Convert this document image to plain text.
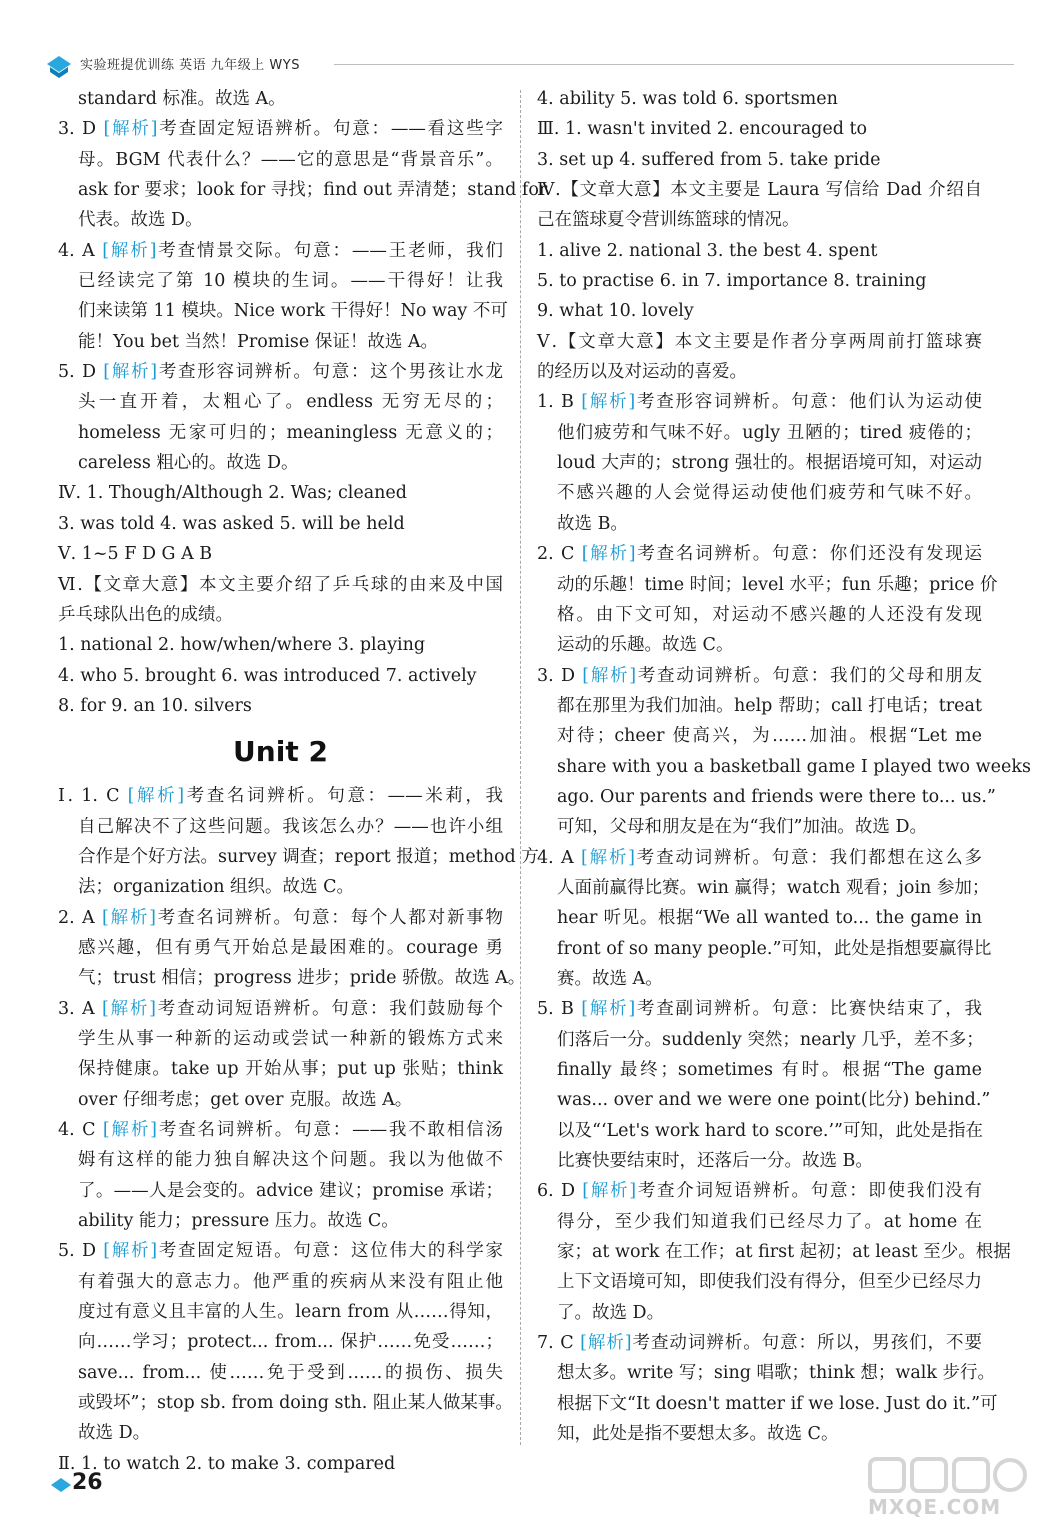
实验班提优训练 英语 九年级上 WYS
standard 标准。故选 A。
3. D [解析]考查固定短语辨析。句意：——看这些字
母。BGM 代表什么？——它的意思是“背景音乐”。
ask for 要求；look for 寻找；find out 弄清楚；stand for
代表。故选 D。
4. A [解析]考查情景交际。句意：——王老师，我们
已经读完了第 10 模块的生词。——干得好！让我
们来读第 11 模块。Nice work 干得好！No way 不可
能！You bet 当然！Promise 保证！故选 A。
5. D [解析]考查形容词辨析。句意：这个男孩让水龙
头一直开着，太粗心了。endless 无穷无尽的；
homeless 无家可归的；meaningless 无意义的；
careless 粗心的。故选 D。
Ⅳ. 1. Though/Although 2. Was; cleaned
3. was told 4. was asked 5. will be held
Ⅴ. 1~5 F D G A B
Ⅵ.【文章大意】本文主要介绍了乒乓球的由来及中国
乒乓球队出色的成绩。
1. national 2. how/when/where 3. playing
4. who 5. brought 6. was introduced 7. actively
8. for 9. an 10. silvers
Unit 2
Ⅰ. 1. C [解析]考查名词辨析。句意：——米莉，我
自己解决不了这些问题。我该怎么办？——也许小组
合作是个好方法。survey 调查；report 报道；method 方
法；organization 组织。故选 C。
2. A [解析]考查名词辨析。句意：每个人都对新事物
感兴趣，但有勇气开始总是最困难的。courage 勇
气；trust 相信；progress 进步；pride 骄傲。故选 A。
3. A [解析]考查动词短语辨析。句意：我们鼓励每个
学生从事一种新的运动或尝试一种新的锻炼方式来
保持健康。take up 开始从事；put up 张贴；think
over 仔细考虑；get over 克服。故选 A。
4. C [解析]考查名词辨析。句意：——我不敢相信汤
姆有这样的能力独自解决这个问题。我以为他做不
了。——人是会变的。advice 建议；promise 承诺；
ability 能力；pressure 压力。故选 C。
5. D [解析]考查固定短语。句意：这位伟大的科学家
有着强大的意志力。他严重的疾病从来没有阻止他
度过有意义且丰富的人生。learn from 从……得知，
向……学习；protect... from... 保护……免受……；
save... from... 使……免于受到……的损伤、损失
或毁坏”；stop sb. from doing sth. 阻止某人做某事。
故选 D。
Ⅱ. 1. to watch 2. to make 3. compared
4. ability 5. was told 6. sportsmen
Ⅲ. 1. wasn't invited 2. encouraged to
3. set up 4. suffered from 5. take pride
Ⅳ.【文章大意】本文主要是 Laura 写信给 Dad 介绍自
己在篮球夏令营训练篮球的情况。
1. alive 2. national 3. the best 4. spent
5. to practise 6. in 7. importance 8. training
9. what 10. lovely
Ⅴ.【文章大意】本文主要是作者分享两周前打篮球赛
的经历以及对运动的喜爱。
1. B [解析]考查形容词辨析。句意：他们认为运动使
他们疲劳和气味不好。ugly 丑陋的；tired 疲倦的；
loud 大声的；strong 强壮的。根据语境可知，对运动
不感兴趣的人会觉得运动使他们疲劳和气味不好。
故选 B。
2. C [解析]考查名词辨析。句意：你们还没有发现运
动的乐趣！time 时间；level 水平；fun 乐趣；price 价
格。由下文可知，对运动不感兴趣的人还没有发现
运动的乐趣。故选 C。
3. D [解析]考查动词辨析。句意：我们的父母和朋友
都在那里为我们加油。help 帮助；call 打电话；treat
对待；cheer 使高兴，为……加油。根据“Let me
share with you a basketball game I played two weeks
ago. Our parents and friends were there to... us.”
可知，父母和朋友是在为“我们”加油。故选 D。
4. A [解析]考查动词辨析。句意：我们都想在这么多
人面前赢得比赛。win 赢得；watch 观看；join 参加；
hear 听见。根据“We all wanted to... the game in
front of so many people.”可知，此处是指想要赢得比
赛。故选 A。
5. B [解析]考查副词辨析。句意：比赛快结束了，我
们落后一分。suddenly 突然；nearly 几乎，差不多；
finally 最终；sometimes 有时。根据“The game
was... over and we were one point(比分) behind.”
以及“‘Let's work hard to score.’”可知，此处是指在
比赛快要结束时，还落后一分。故选 B。
6. D [解析]考查介词短语辨析。句意：即使我们没有
得分，至少我们知道我们已经尽力了。at home 在
家；at work 在工作；at first 起初；at least 至少。根据
上下文语境可知，即使我们没有得分，但至少已经尽力
了。故选 D。
7. C [解析]考查动词辨析。句意：所以，男孩们，不要
想太多。write 写；sing 唱歌；think 想；walk 步行。
根据下文“It doesn't matter if we lose. Just do it.”可
知，此处是指不要想太多。故选 C。
26
MXQE.COM
